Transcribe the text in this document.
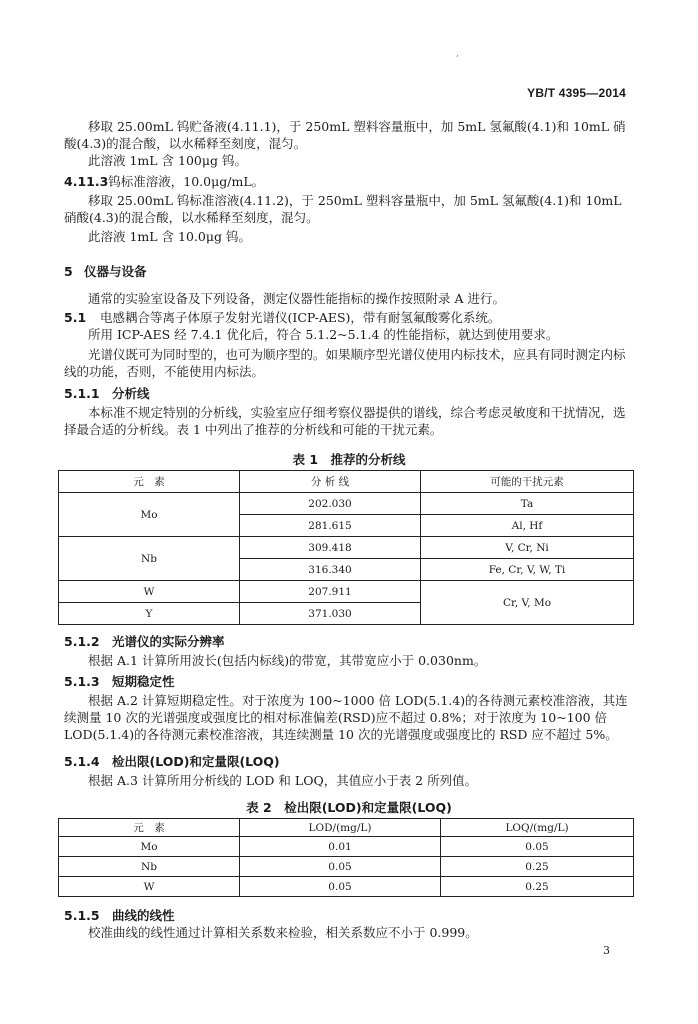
’
YB/T 4395—2014
移取 25.00mL 钨贮备液(4.11.1)，于 250mL 塑料容量瓶中，加 5mL 氢氟酸(4.1)和 10mL 硝酸(4.3)的混合酸，以水稀释至刻度，混匀。
此溶液 1mL 含 100μg 钨。
4.11.3钨标准溶液，10.0μg/mL。
移取 25.00mL 钨标准溶液(4.11.2)，于 250mL 塑料容量瓶中，加 5mL 氢氟酸(4.1)和 10mL 硝酸(4.3)的混合酸，以水稀释至刻度，混匀。
此溶液 1mL 含 10.0μg 钨。
5 仪器与设备
通常的实验室设备及下列设备，测定仪器性能指标的操作按照附录 A 进行。
5.1 电感耦合等离子体原子发射光谱仪(ICP-AES)，带有耐氢氟酸雾化系统。
所用 ICP-AES 经 7.4.1 优化后，符合 5.1.2~5.1.4 的性能指标，就达到使用要求。
光谱仪既可为同时型的，也可为顺序型的。如果顺序型光谱仪使用内标技术，应具有同时测定内标线的功能，否则，不能使用内标法。
5.1.1 分析线
本标准不规定特别的分析线，实验室应仔细考察仪器提供的谱线，综合考虑灵敏度和干扰情况，选择最合适的分析线。表 1 中列出了推荐的分析线和可能的干扰元素。
表 1　推荐的分析线
元　素	分 析 线	可能的干扰元素
Mo	202.030	Ta
	281.615	Al, Hf
Nb	309.418	V, Cr, Ni
	316.340	Fe, Cr, V, W, Ti
W	207.911	Cr, V, Mo
Y	371.030	
5.1.2 光谱仪的实际分辨率
根据 A.1 计算所用波长(包括内标线)的带宽，其带宽应小于 0.030nm。
5.1.3 短期稳定性
根据 A.2 计算短期稳定性。对于浓度为 100~1000 倍 LOD(5.1.4)的各待测元素校准溶液，其连续测量 10 次的光谱强度或强度比的相对标准偏差(RSD)应不超过 0.8%；对于浓度为 10~100 倍 LOD(5.1.4)的各待测元素校准溶液，其连续测量 10 次的光谱强度或强度比的 RSD 应不超过 5%。
5.1.4 检出限(LOD)和定量限(LOQ)
根据 A.3 计算所用分析线的 LOD 和 LOQ，其值应小于表 2 所列值。
表 2　检出限(LOD)和定量限(LOQ)
元　素	LOD/(mg/L)	LOQ/(mg/L)
Mo	0.01	0.05
Nb	0.05	0.25
W	0.05	0.25
5.1.5 曲线的线性
校准曲线的线性通过计算相关系数来检验，相关系数应不小于 0.999。
3
